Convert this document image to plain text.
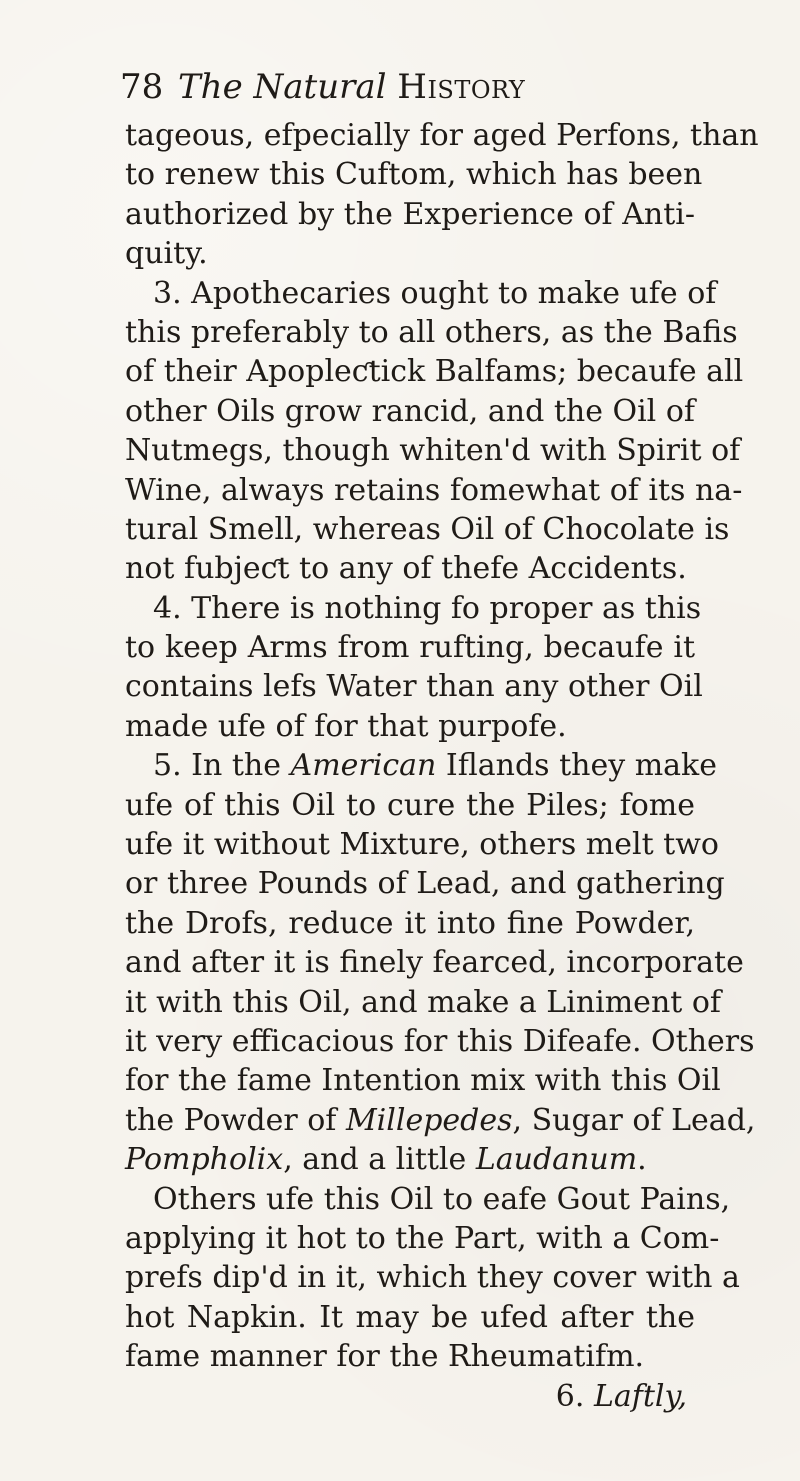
78 The Natural History
tageous, efpecially for aged Perfons, than
to renew this Cuftom, which has been
authorized by the Experience of Anti-
quity.
3. Apothecaries ought to make ufe of
this preferably to all others, as the Bafis
of their Apopleƈtick Balfams; becaufe all
other Oils grow rancid, and the Oil of
Nutmegs, though whiten'd with Spirit of
Wine, always retains fomewhat of its na-
tural Smell, whereas Oil of Chocolate is
not fubjeƈt to any of thefe Accidents.
4. There is nothing fo proper as this
to keep Arms from rufting, becaufe it
contains lefs Water than any other Oil
made ufe of for that purpofe.
5. In the American Iflands they make
ufe of this Oil to cure the Piles; fome
ufe it without Mixture, others melt two
or three Pounds of Lead, and gathering
the Drofs, reduce it into fine Powder,
and after it is finely fearced, incorporate
it with this Oil, and make a Liniment of
it very efficacious for this Difeafe. Others
for the fame Intention mix with this Oil
the Powder of Millepedes, Sugar of Lead,
Pompholix, and a little Laudanum.
Others ufe this Oil to eafe Gout Pains,
applying it hot to the Part, with a Com-
prefs dip'd in it, which they cover with a
hot Napkin. It may be ufed after the
fame manner for the Rheumatifm.
6. Laftly,
